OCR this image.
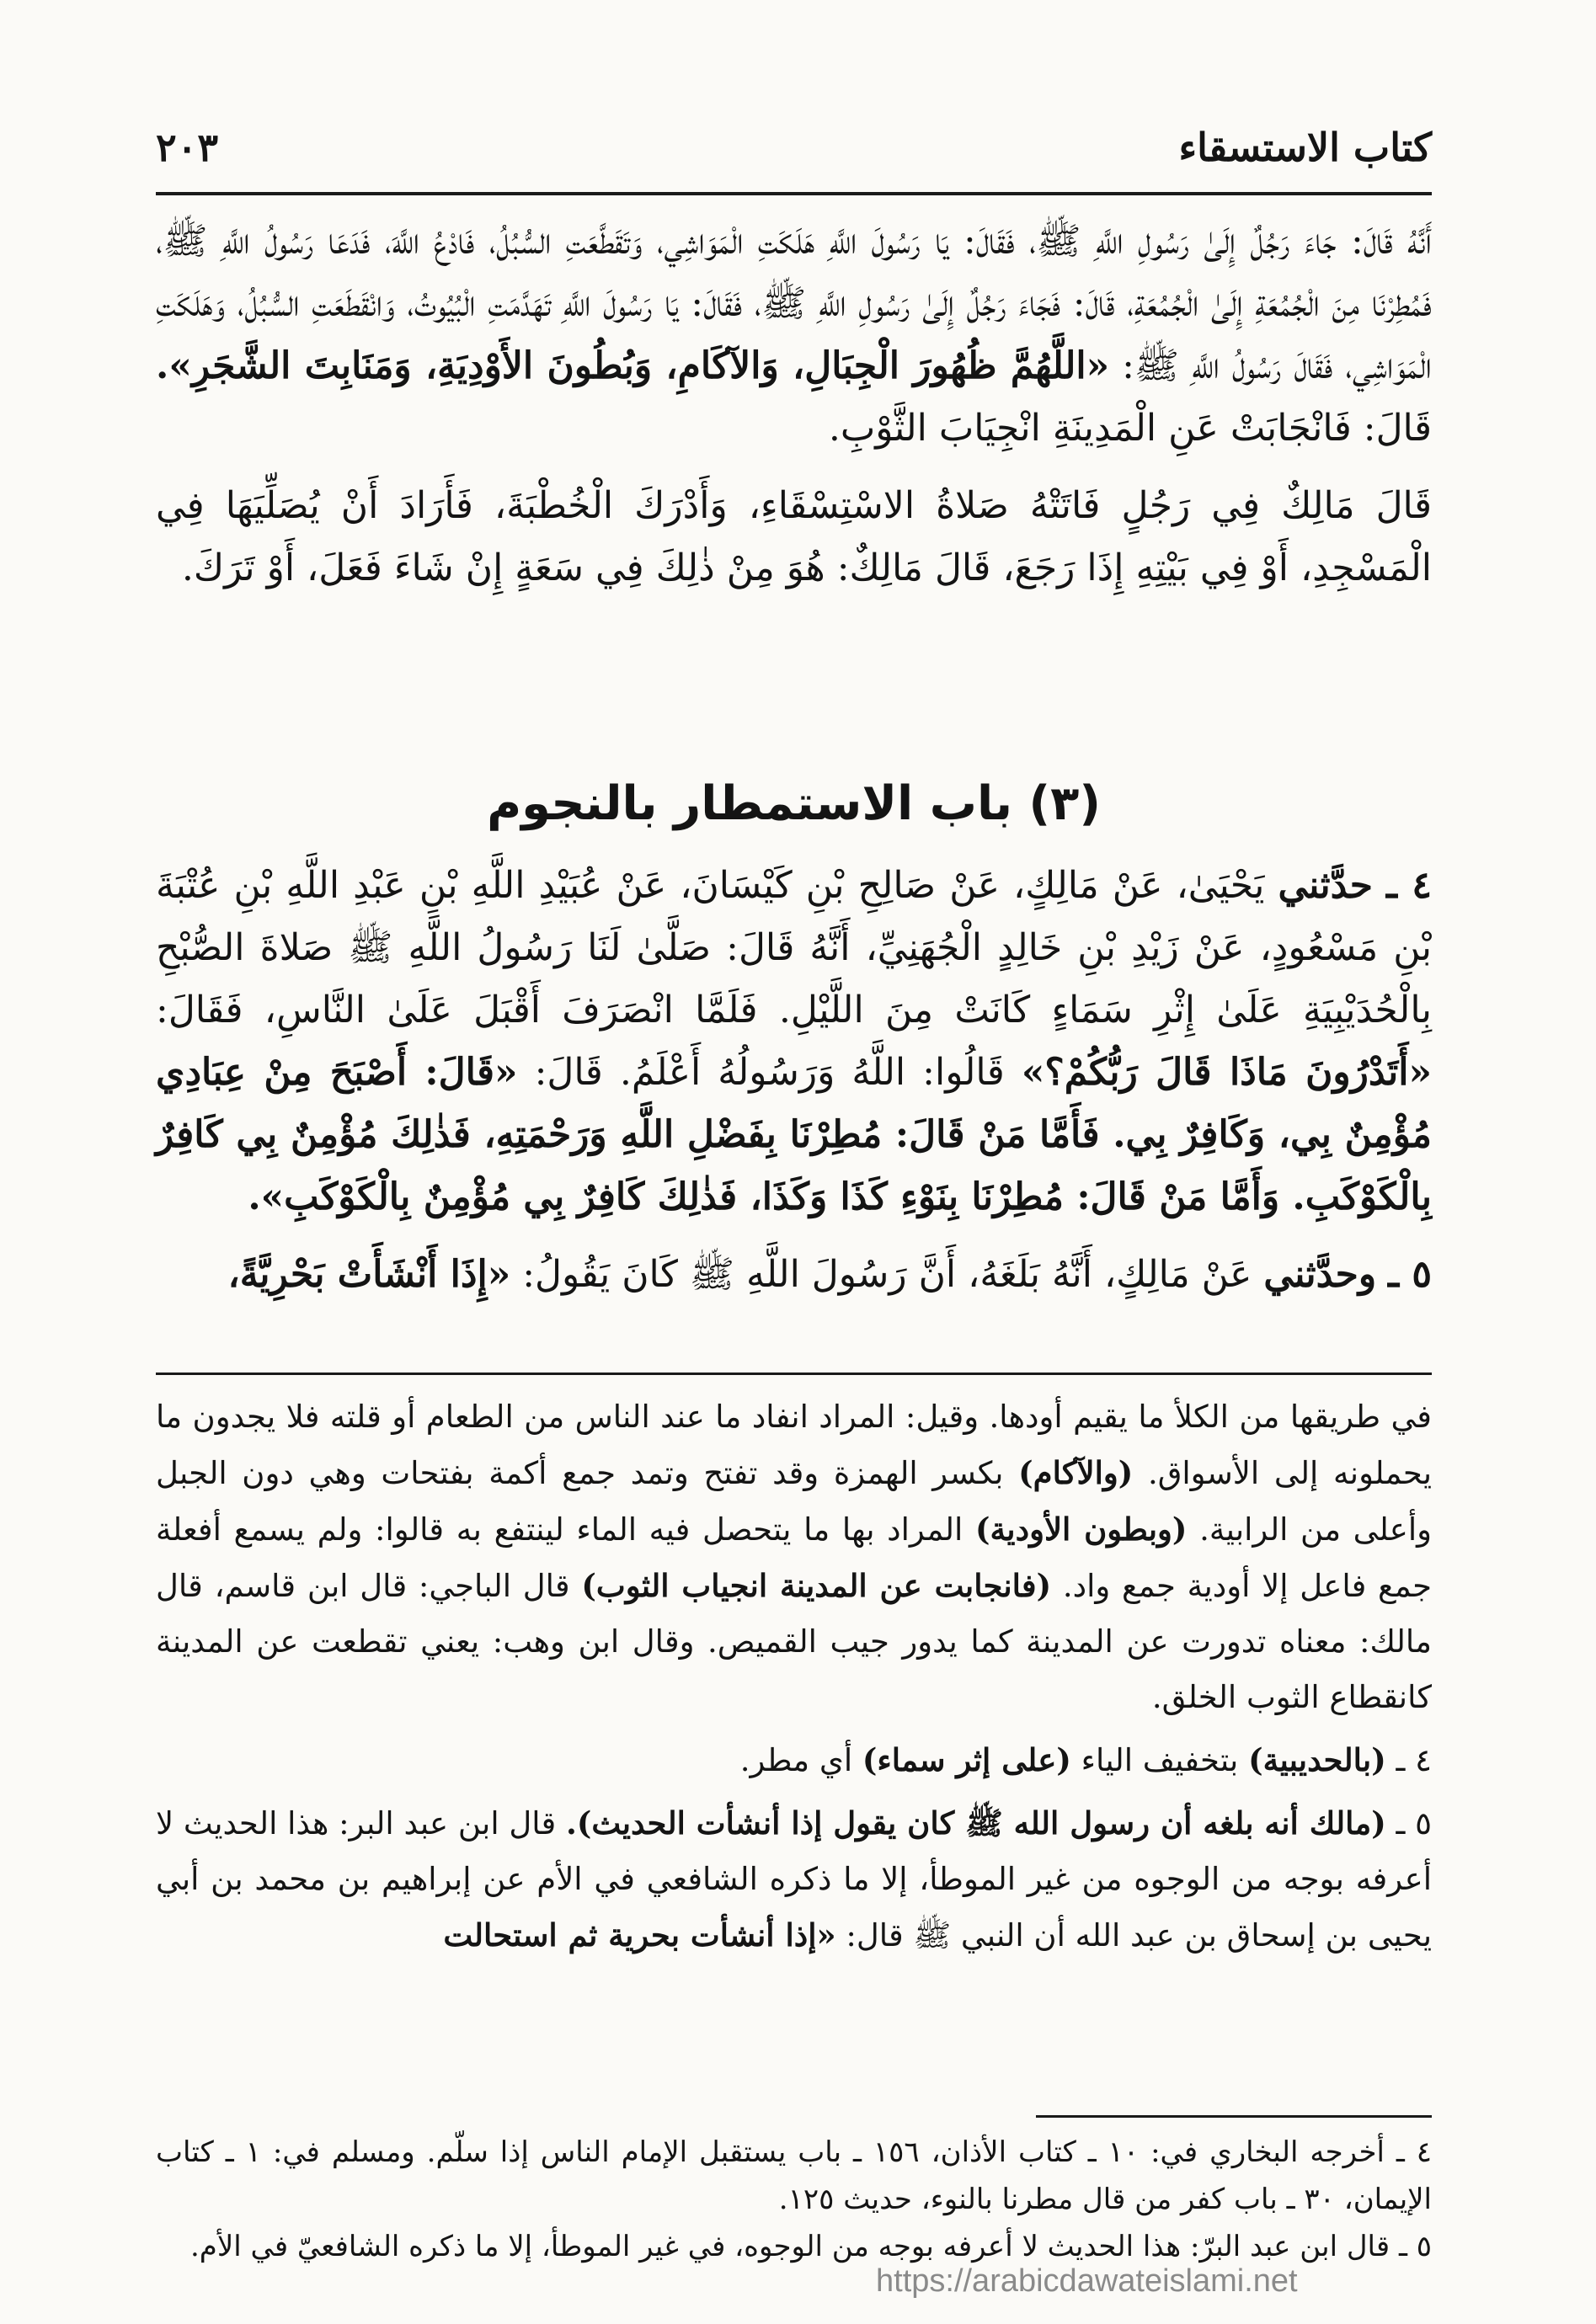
كتاب الاستسقاء
٢٠٣

أَنَّهُ قَالَ: جَاءَ رَجُلٌ إِلَىٰ رَسُولِ اللَّهِ ﷺ، فَقَالَ: يَا رَسُولَ اللَّهِ هَلَكَتِ الْمَوَاشِي، وَتَقَطَّعَتِ السُّبُلُ، فَادْعُ اللَّهَ، فَدَعَا رَسُولُ اللَّهِ ﷺ، فَمُطِرْنَا مِنَ الْجُمُعَةِ إِلَىٰ الْجُمُعَةِ، قَالَ: فَجَاءَ رَجُلٌ إِلَىٰ رَسُولِ اللَّهِ ﷺ، فَقَالَ: يَا رَسُولَ اللَّهِ تَهَدَّمَتِ الْبُيُوتُ، وَانْقَطَعَتِ السُّبُلُ، وَهَلَكَتِ الْمَوَاشِي، فَقَالَ رَسُولُ اللَّهِ ﷺ: «اللَّهُمَّ ظُهُورَ الْجِبَالِ، وَالآكَامِ، وَبُطُونَ الأَوْدِيَةِ، وَمَنَابِتَ الشَّجَرِ». قَالَ: فَانْجَابَتْ عَنِ الْمَدِينَةِ انْجِيَابَ الثَّوْبِ.

قَالَ مَالِكٌ فِي رَجُلٍ فَاتَتْهُ صَلاةُ الاسْتِسْقَاءِ، وَأَدْرَكَ الْخُطْبَةَ، فَأَرَادَ أَنْ يُصَلِّيَهَا فِي الْمَسْجِدِ، أَوْ فِي بَيْتِهِ إِذَا رَجَعَ، قَالَ مَالِكٌ: هُوَ مِنْ ذٰلِكَ فِي سَعَةٍ إِنْ شَاءَ فَعَلَ، أَوْ تَرَكَ.

(٣) باب الاستمطار بالنجوم

٤ ـ حدَّثني يَحْيَىٰ، عَنْ مَالِكٍ، عَنْ صَالِحِ بْنِ كَيْسَانَ، عَنْ عُبَيْدِ اللَّهِ بْنِ عَبْدِ اللَّهِ بْنِ عُتْبَةَ بْنِ مَسْعُودٍ، عَنْ زَيْدِ بْنِ خَالِدٍ الْجُهَنِيِّ، أَنَّهُ قَالَ: صَلَّىٰ لَنَا رَسُولُ اللَّهِ ﷺ صَلاةَ الصُّبْحِ بِالْحُدَيْبِيَةِ عَلَىٰ إِثْرِ سَمَاءٍ كَانَتْ مِنَ اللَّيْلِ. فَلَمَّا انْصَرَفَ أَقْبَلَ عَلَىٰ النَّاسِ، فَقَالَ: «أَتَدْرُونَ مَاذَا قَالَ رَبُّكُمْ؟» قَالُوا: اللَّهُ وَرَسُولُهُ أَعْلَمُ. قَالَ: «قَالَ: أَصْبَحَ مِنْ عِبَادِي مُؤْمِنٌ بِي، وَكَافِرٌ بِي. فَأَمَّا مَنْ قَالَ: مُطِرْنَا بِفَضْلِ اللَّهِ وَرَحْمَتِهِ، فَذٰلِكَ مُؤْمِنٌ بِي كَافِرٌ بِالْكَوْكَبِ. وَأَمَّا مَنْ قَالَ: مُطِرْنَا بِنَوْءِ كَذَا وَكَذَا، فَذٰلِكَ كَافِرٌ بِي مُؤْمِنٌ بِالْكَوْكَبِ».

٥ ـ وحدَّثني عَنْ مَالِكٍ، أَنَّهُ بَلَغَهُ، أَنَّ رَسُولَ اللَّهِ ﷺ كَانَ يَقُولُ: «إِذَا أَنْشَأَتْ بَحْرِيَّةً،

في طريقها من الكلأ ما يقيم أودها. وقيل: المراد انفاد ما عند الناس من الطعام أو قلته فلا يجدون ما يحملونه إلى الأسواق. (والآكام) بكسر الهمزة وقد تفتح وتمد جمع أكمة بفتحات وهي دون الجبل وأعلى من الرابية. (وبطون الأودية) المراد بها ما يتحصل فيه الماء لينتفع به قالوا: ولم يسمع أفعلة جمع فاعل إلا أودية جمع واد. (فانجابت عن المدينة انجياب الثوب) قال الباجي: قال ابن قاسم، قال مالك: معناه تدورت عن المدينة كما يدور جيب القميص. وقال ابن وهب: يعني تقطعت عن المدينة كانقطاع الثوب الخلق.

٤ ـ (بالحديبية) بتخفيف الياء (على إثر سماء) أي مطر.

٥ ـ (مالك أنه بلغه أن رسول الله ﷺ كان يقول إذا أنشأت الحديث). قال ابن عبد البر: هذا الحديث لا أعرفه بوجه من الوجوه من غير الموطأ، إلا ما ذكره الشافعي في الأم عن إبراهيم بن محمد بن أبي يحيى بن إسحاق بن عبد الله أن النبي ﷺ قال: «إذا أنشأت بحرية ثم استحالت

٤ ـ أخرجه البخاري في: ١٠ ـ كتاب الأذان، ١٥٦ ـ باب يستقبل الإمام الناس إذا سلّم. ومسلم في: ١ ـ كتاب الإيمان، ٣٠ ـ باب كفر من قال مطرنا بالنوء، حديث ١٢٥.

٥ ـ قال ابن عبد البرّ: هذا الحديث لا أعرفه بوجه من الوجوه، في غير الموطأ، إلا ما ذكره الشافعيّ في الأم.

https://arabicdawateislami.net
